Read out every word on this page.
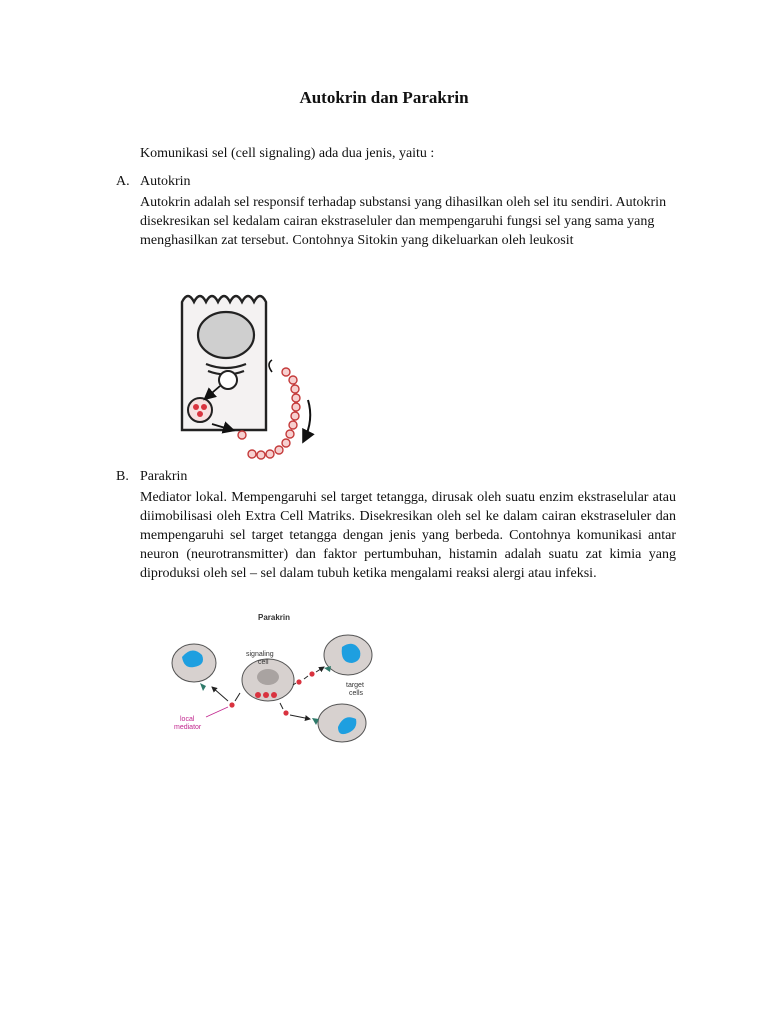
Autokrin dan Parakrin
Komunikasi sel (cell signaling) ada dua jenis, yaitu :
A. Autokrin
Autokrin adalah sel responsif terhadap substansi yang dihasilkan oleh sel itu sendiri. Autokrin disekresikan sel kedalam cairan ekstraseluler dan mempengaruhi fungsi sel yang sama yang menghasilkan zat tersebut. Contohnya Sitokin yang dikeluarkan oleh leukosit
B. Parakrin
Mediator lokal. Mempengaruhi sel target tetangga, dirusak oleh suatu enzim ekstraselular atau diimobilisasi oleh Extra Cell Matriks. Disekresikan oleh sel ke dalam cairan ekstraseluler dan mempengaruhi sel target tetangga dengan jenis yang berbeda. Contohnya komunikasi antar neuron (neurotransmitter) dan faktor pertumbuhan, histamin adalah suatu zat kimia yang diproduksi oleh sel – sel dalam tubuh ketika mengalami reaksi alergi atau infeksi.
Parakrin
signaling
cell
target
cells
local
mediator
